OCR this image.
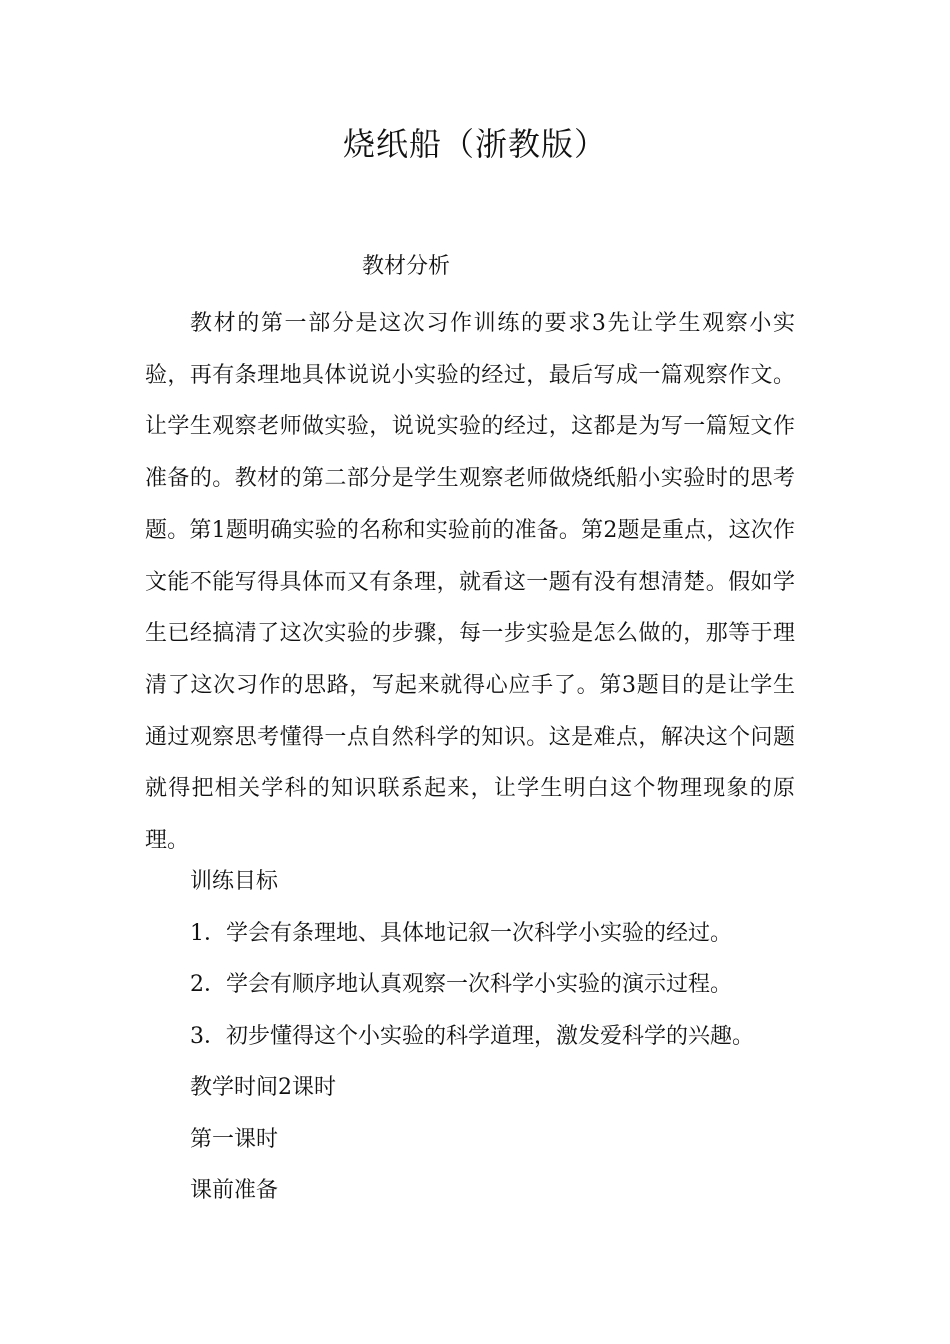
烧纸船（浙教版）
教材分析

教材的第一部分是这次习作训练的要求3先让学生观察小实验，再有条理地具体说说小实验的经过，最后写成一篇观察作文。让学生观察老师做实验，说说实验的经过，这都是为写一篇短文作准备的。教材的第二部分是学生观察老师做烧纸船小实验时的思考题。第1题明确实验的名称和实验前的准备。第2题是重点，这次作文能不能写得具体而又有条理，就看这一题有没有想清楚。假如学生已经搞清了这次实验的步骤，每一步实验是怎么做的，那等于理清了这次习作的思路，写起来就得心应手了。第3题目的是让学生通过观察思考懂得一点自然科学的知识。这是难点，解决这个问题就得把相关学科的知识联系起来，让学生明白这个物理现象的原理。

训练目标
1．学会有条理地、具体地记叙一次科学小实验的经过。
2．学会有顺序地认真观察一次科学小实验的演示过程。
3．初步懂得这个小实验的科学道理，激发爱科学的兴趣。
教学时间2课时
第一课时
课前准备
